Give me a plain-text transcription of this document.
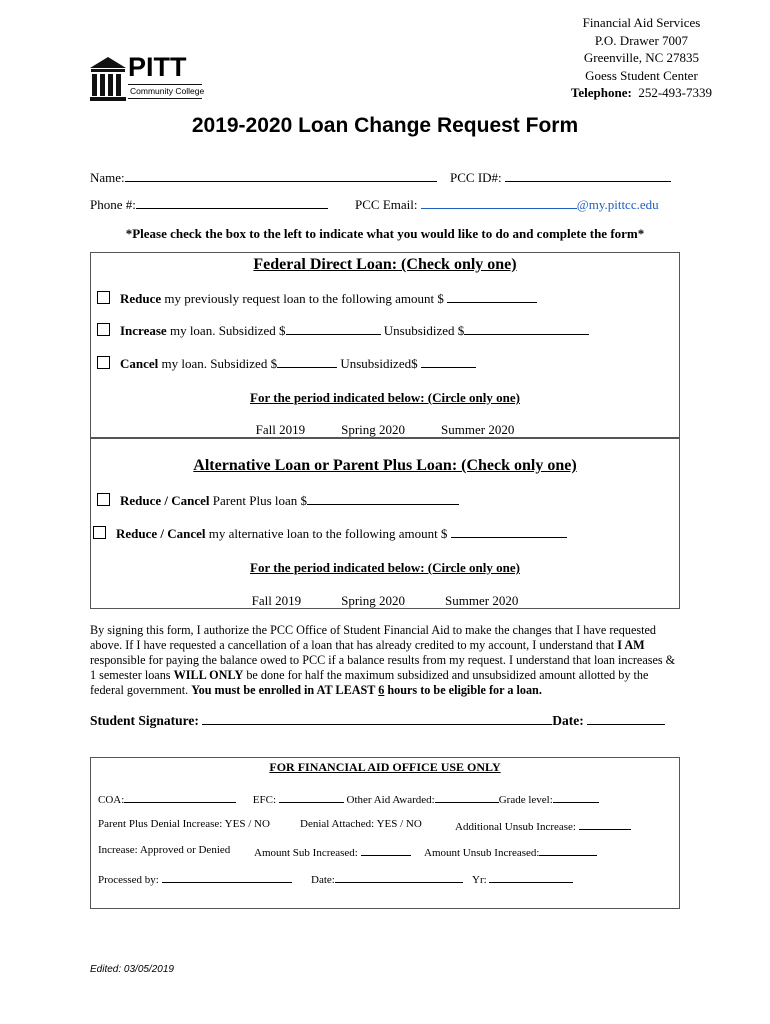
Financial Aid Services
P.O. Drawer 7007
Greenville, NC 27835
Goess Student Center
Telephone: 252-493-7339
PITT
Community College
2019-2020 Loan Change Request Form
Name:	PCC ID#:
Phone #:	PCC Email:	@my.pittcc.edu
*Please check the box to the left to indicate what you would like to do and complete the form*
Federal Direct Loan: (Check only one)
Reduce my previously request loan to the following amount $
Increase my loan. Subsidized $	Unsubsidized $
Cancel my loan. Subsidized $	Unsubsidized$
For the period indicated below: (Circle only one)
Fall 2019	Spring 2020	Summer 2020
Alternative Loan or Parent Plus Loan: (Check only one)
Reduce / Cancel Parent Plus loan $
Reduce / Cancel my alternative loan to the following amount $
For the period indicated below: (Circle only one)
Fall 2019	Spring 2020	Summer 2020
By signing this form, I authorize the PCC Office of Student Financial Aid to make the changes that I have requested above. If I have requested a cancellation of a loan that has already credited to my account, I understand that I AM responsible for paying the balance owed to PCC if a balance results from my request. I understand that loan increases & 1 semester loans WILL ONLY be done for half the maximum subsidized and unsubsidized amount allotted by the federal government. You must be enrolled in AT LEAST 6 hours to be eligible for a loan.
Student Signature:	Date:
FOR FINANCIAL AID OFFICE USE ONLY
COA:	EFC:	Other Aid Awarded:	Grade level:
Parent Plus Denial Increase: YES / NO	Denial Attached: YES / NO	Additional Unsub Increase:
Increase: Approved or Denied Amount Sub Increased:	Amount Unsub Increased:
Processed by:	Date:	Yr:
Edited: 03/05/2019
